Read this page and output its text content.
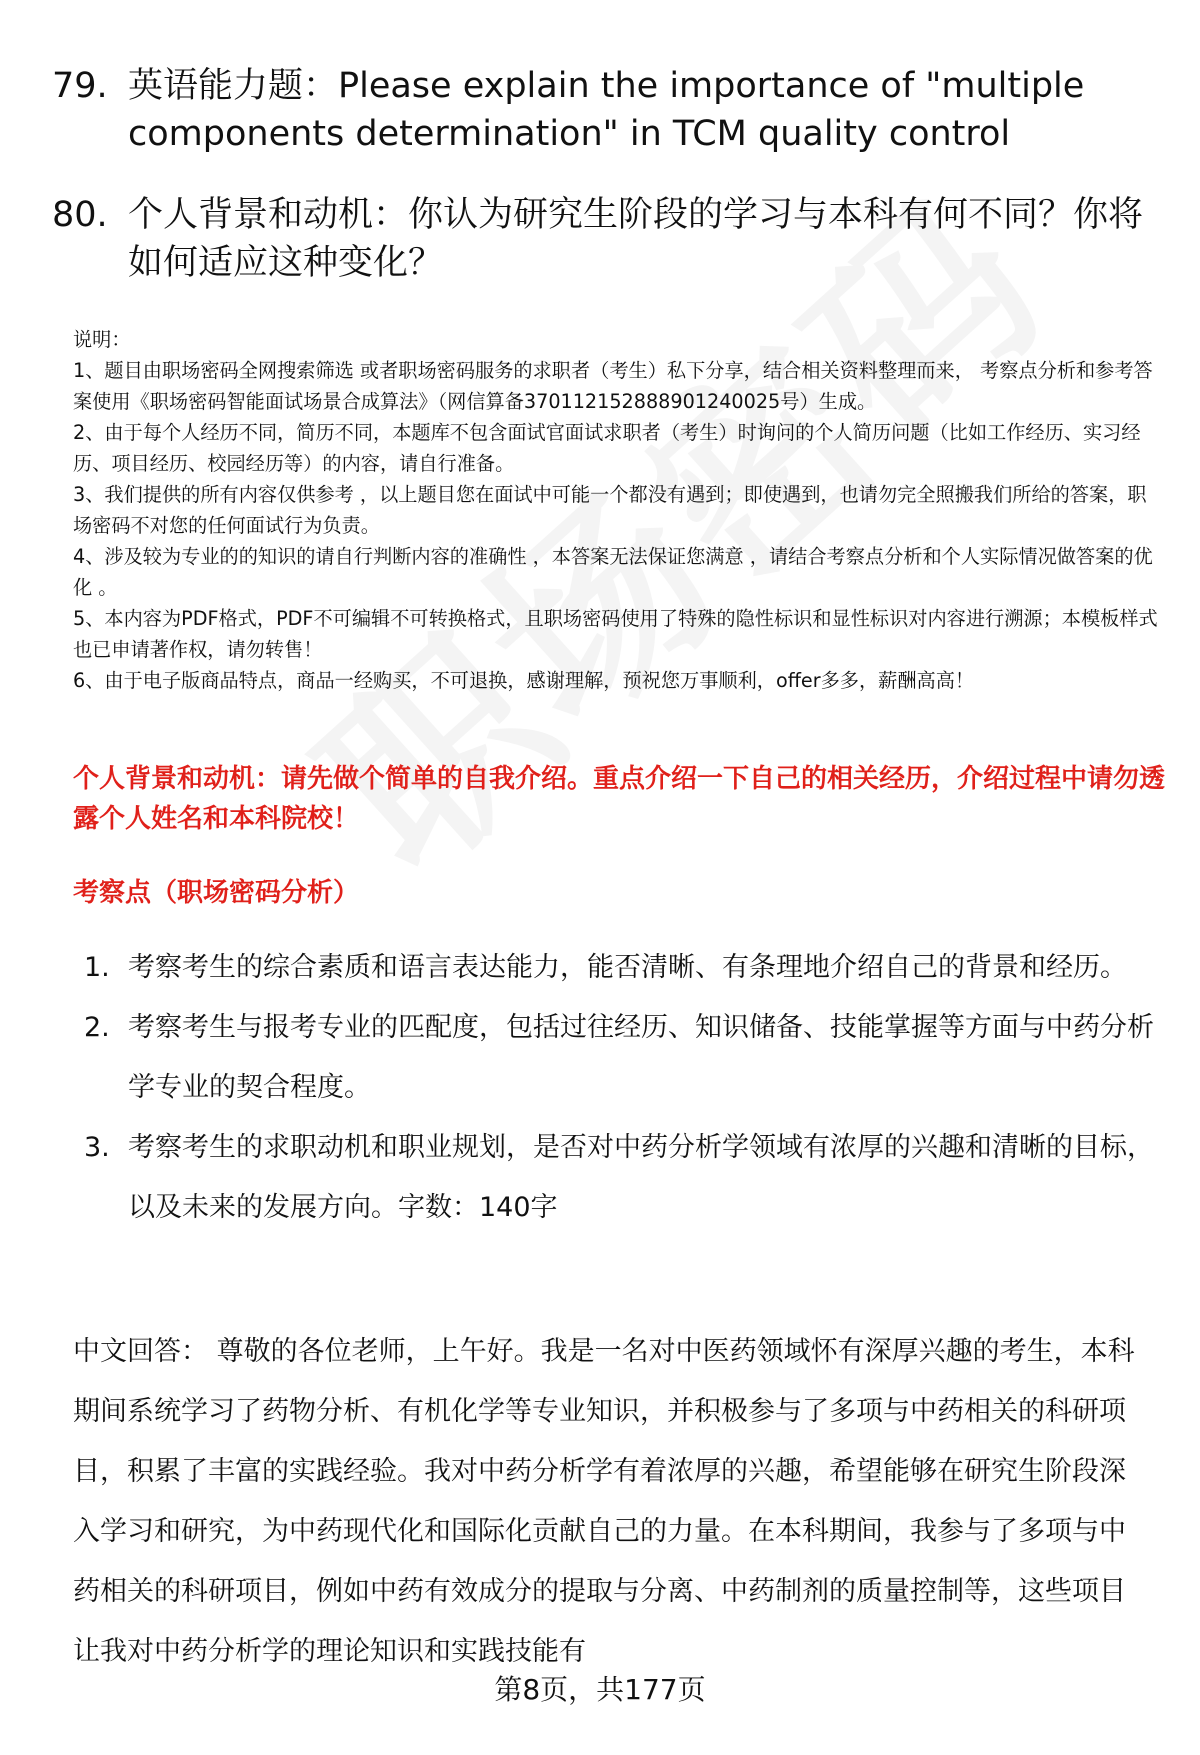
79. 英语能力题：Please explain the importance of "multiple components determination" in TCM quality control
80. 个人背景和动机：你认为研究生阶段的学习与本科有何不同？你将如何适应这种变化？
说明：
1、题目由职场密码全网搜索筛选 或者职场密码服务的求职者（考生）私下分享，结合相关资料整理而来， 考察点分析和参考答案使用《职场密码智能面试场景合成算法》（网信算备370112152888901240025号）生成。
2、由于每个人经历不同，简历不同，本题库不包含面试官面试求职者（考生）时询问的个人简历问题（比如工作经历、实习经历、项目经历、校园经历等）的内容，请自行准备。
3、我们提供的所有内容仅供参考 ，以上题目您在面试中可能一个都没有遇到；即使遇到，也请勿完全照搬我们所给的答案，职场密码不对您的任何面试行为负责。
4、涉及较为专业的的知识的请自行判断内容的准确性 ，本答案无法保证您满意 ，请结合考察点分析和个人实际情况做答案的优化 。
5、本内容为PDF格式，PDF不可编辑不可转换格式，且职场密码使用了特殊的隐性标识和显性标识对内容进行溯源；本模板样式也已申请著作权，请勿转售！
6、由于电子版商品特点，商品一经购买，不可退换，感谢理解，预祝您万事顺利，offer多多，薪酬高高！
个人背景和动机：请先做个简单的自我介绍。重点介绍一下自己的相关经历，介绍过程中请勿透露个人姓名和本科院校！
考察点（职场密码分析）
1. 考察考生的综合素质和语言表达能力，能否清晰、有条理地介绍自己的背景和经历。
2. 考察考生与报考专业的匹配度，包括过往经历、知识储备、技能掌握等方面与中药分析学专业的契合程度。
3. 考察考生的求职动机和职业规划，是否对中药分析学领域有浓厚的兴趣和清晰的目标，以及未来的发展方向。字数：140字
中文回答： 尊敬的各位老师，上午好。我是一名对中医药领域怀有深厚兴趣的考生，本科期间系统学习了药物分析、有机化学等专业知识，并积极参与了多项与中药相关的科研项目，积累了丰富的实践经验。我对中药分析学有着浓厚的兴趣，希望能够在研究生阶段深入学习和研究，为中药现代化和国际化贡献自己的力量。在本科期间，我参与了多项与中药相关的科研项目，例如中药有效成分的提取与分离、中药制剂的质量控制等，这些项目让我对中药分析学的理论知识和实践技能有
第8页，共177页
